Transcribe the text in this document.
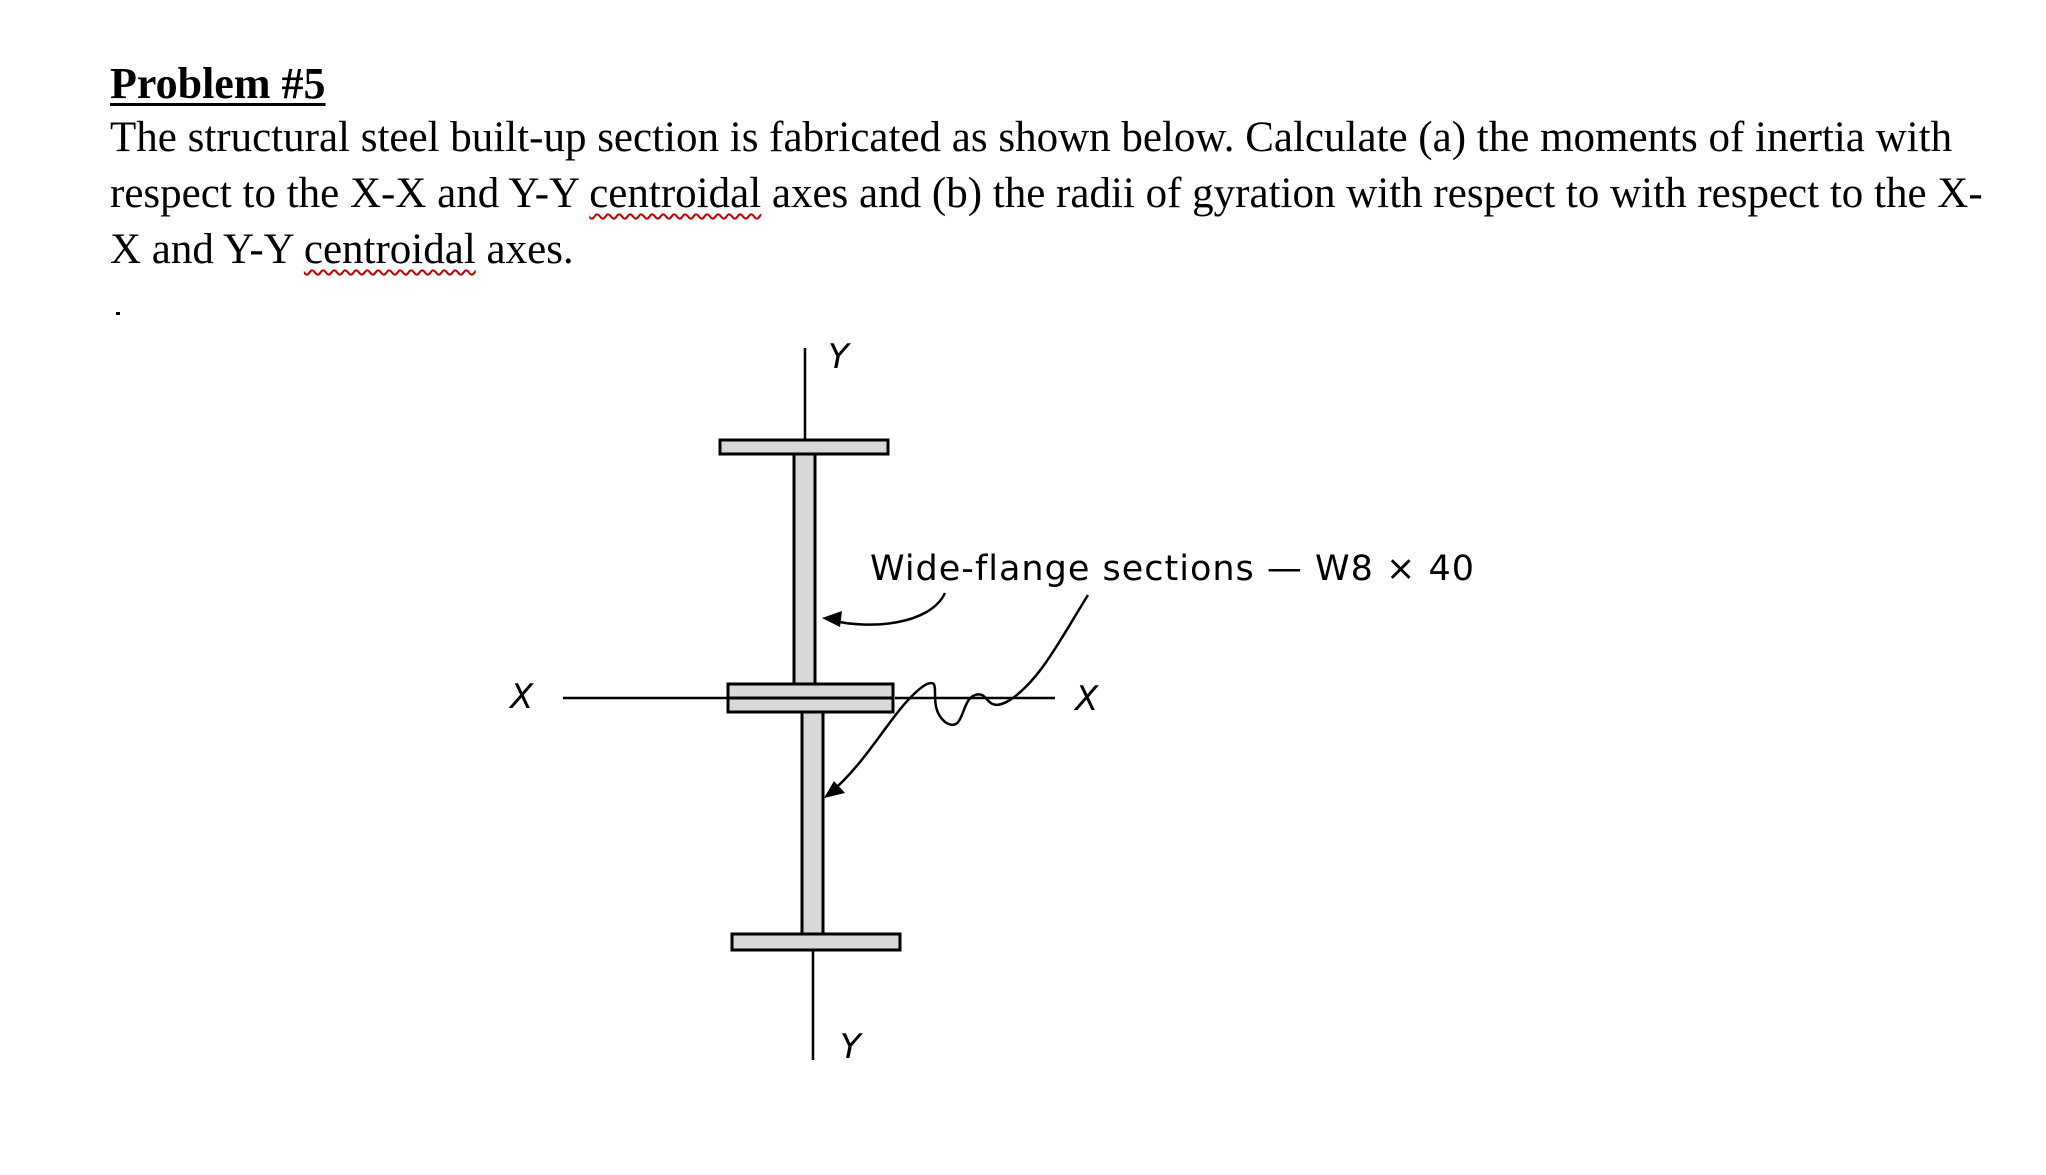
Problem #5

The structural steel built-up section is fabricated as shown below. Calculate (a) the moments of inertia with respect to the X-X and Y-Y centroidal axes and (b) the radii of gyration with respect to with respect to the X-X and Y-Y centroidal axes.

Y
Y
X	X
Wide-flange sections — W8 × 40
